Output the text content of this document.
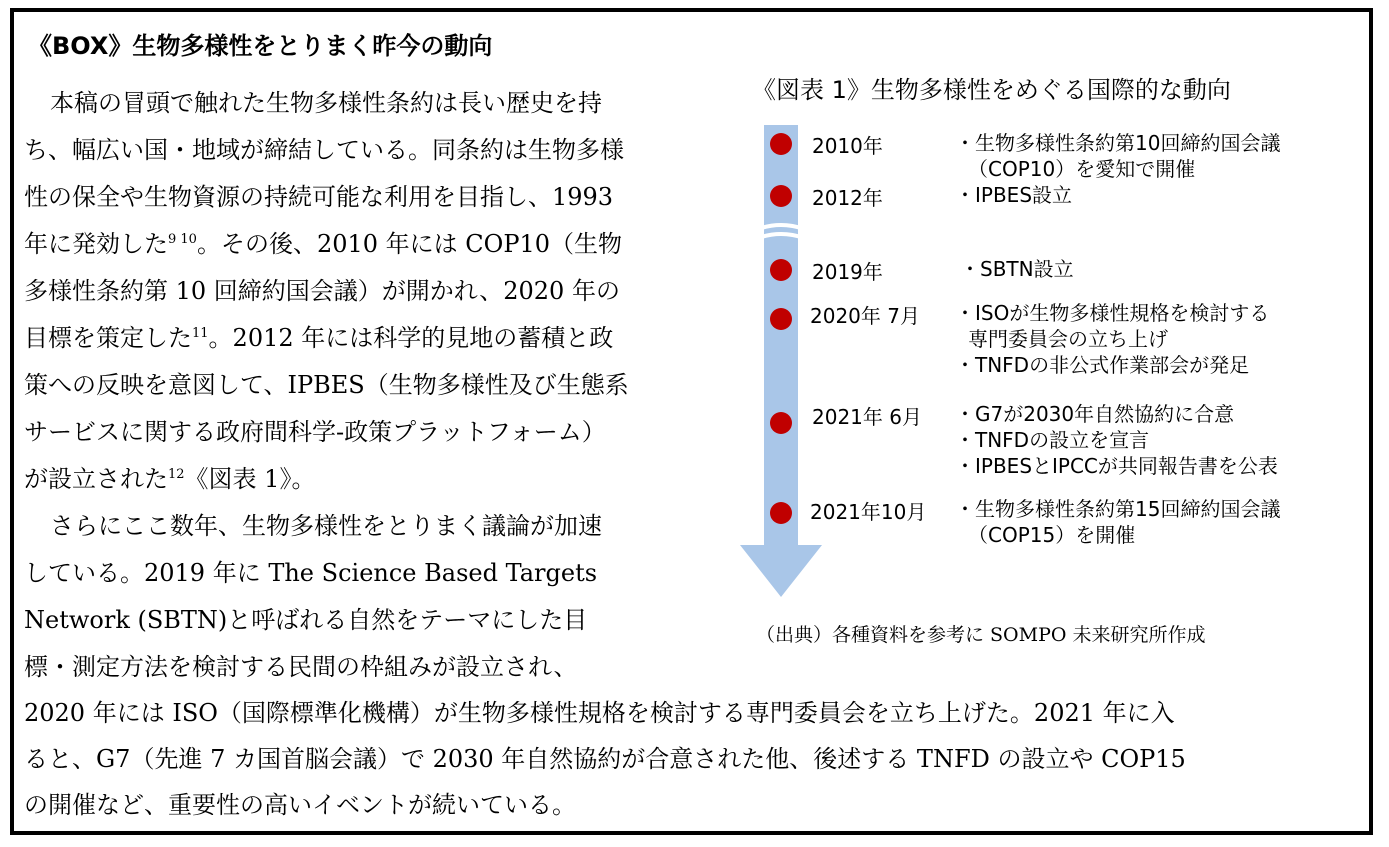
《BOX》生物多様性をとりまく昨今の動向
本稿の冒頭で触れた生物多様性条約は長い歴史を持
ち、幅広い国・地域が締結している。同条約は生物多様
性の保全や生物資源の持続可能な利用を目指し、1993
年に発効した$^{9 10}$。その後、2010 年には COP10（生物
多様性条約第 10 回締約国会議）が開かれ、2020 年の
目標を策定した$^{11}$。2012 年には科学的見地の蓄積と政
策への反映を意図して、IPBES（生物多様性及び生態系
サービスに関する政府間科学‐政策プラットフォーム）
が設立された$^{12}$《図表 1》。
さらにここ数年、生物多様性をとりまく議論が加速
している。2019 年に The Science Based Targets
Network (SBTN)と呼ばれる自然をテーマにした目
標・測定方法を検討する民間の枠組みが設立され、
2020 年には ISO（国際標準化機構）が生物多様性規格を検討する専門委員会を立ち上げた。2021 年に入
ると、G7（先進 7 カ国首脳会議）で 2030 年自然協約が合意された他、後述する TNFD の設立や COP15
の開催など、重要性の高いイベントが続いている。
《図表 1》生物多様性をめぐる国際的な動向
2010年	・生物多様性条約第10回締約国会議
（COP10）を愛知で開催
2012年	・IPBES設立
2019年	・SBTN設立
2020年 7月 ・ISOが生物多様性規格を検討する
専門委員会の立ち上げ
・TNFDの非公式作業部会が発足
2021年 6月 ・G7が2030年自然協約に合意
・TNFDの設立を宣言
・IPBESとIPCCが共同報告書を公表
2021年10月 ・生物多様性条約第15回締約国会議
（COP15）を開催
（出典）各種資料を参考に SOMPO 未来研究所作成
